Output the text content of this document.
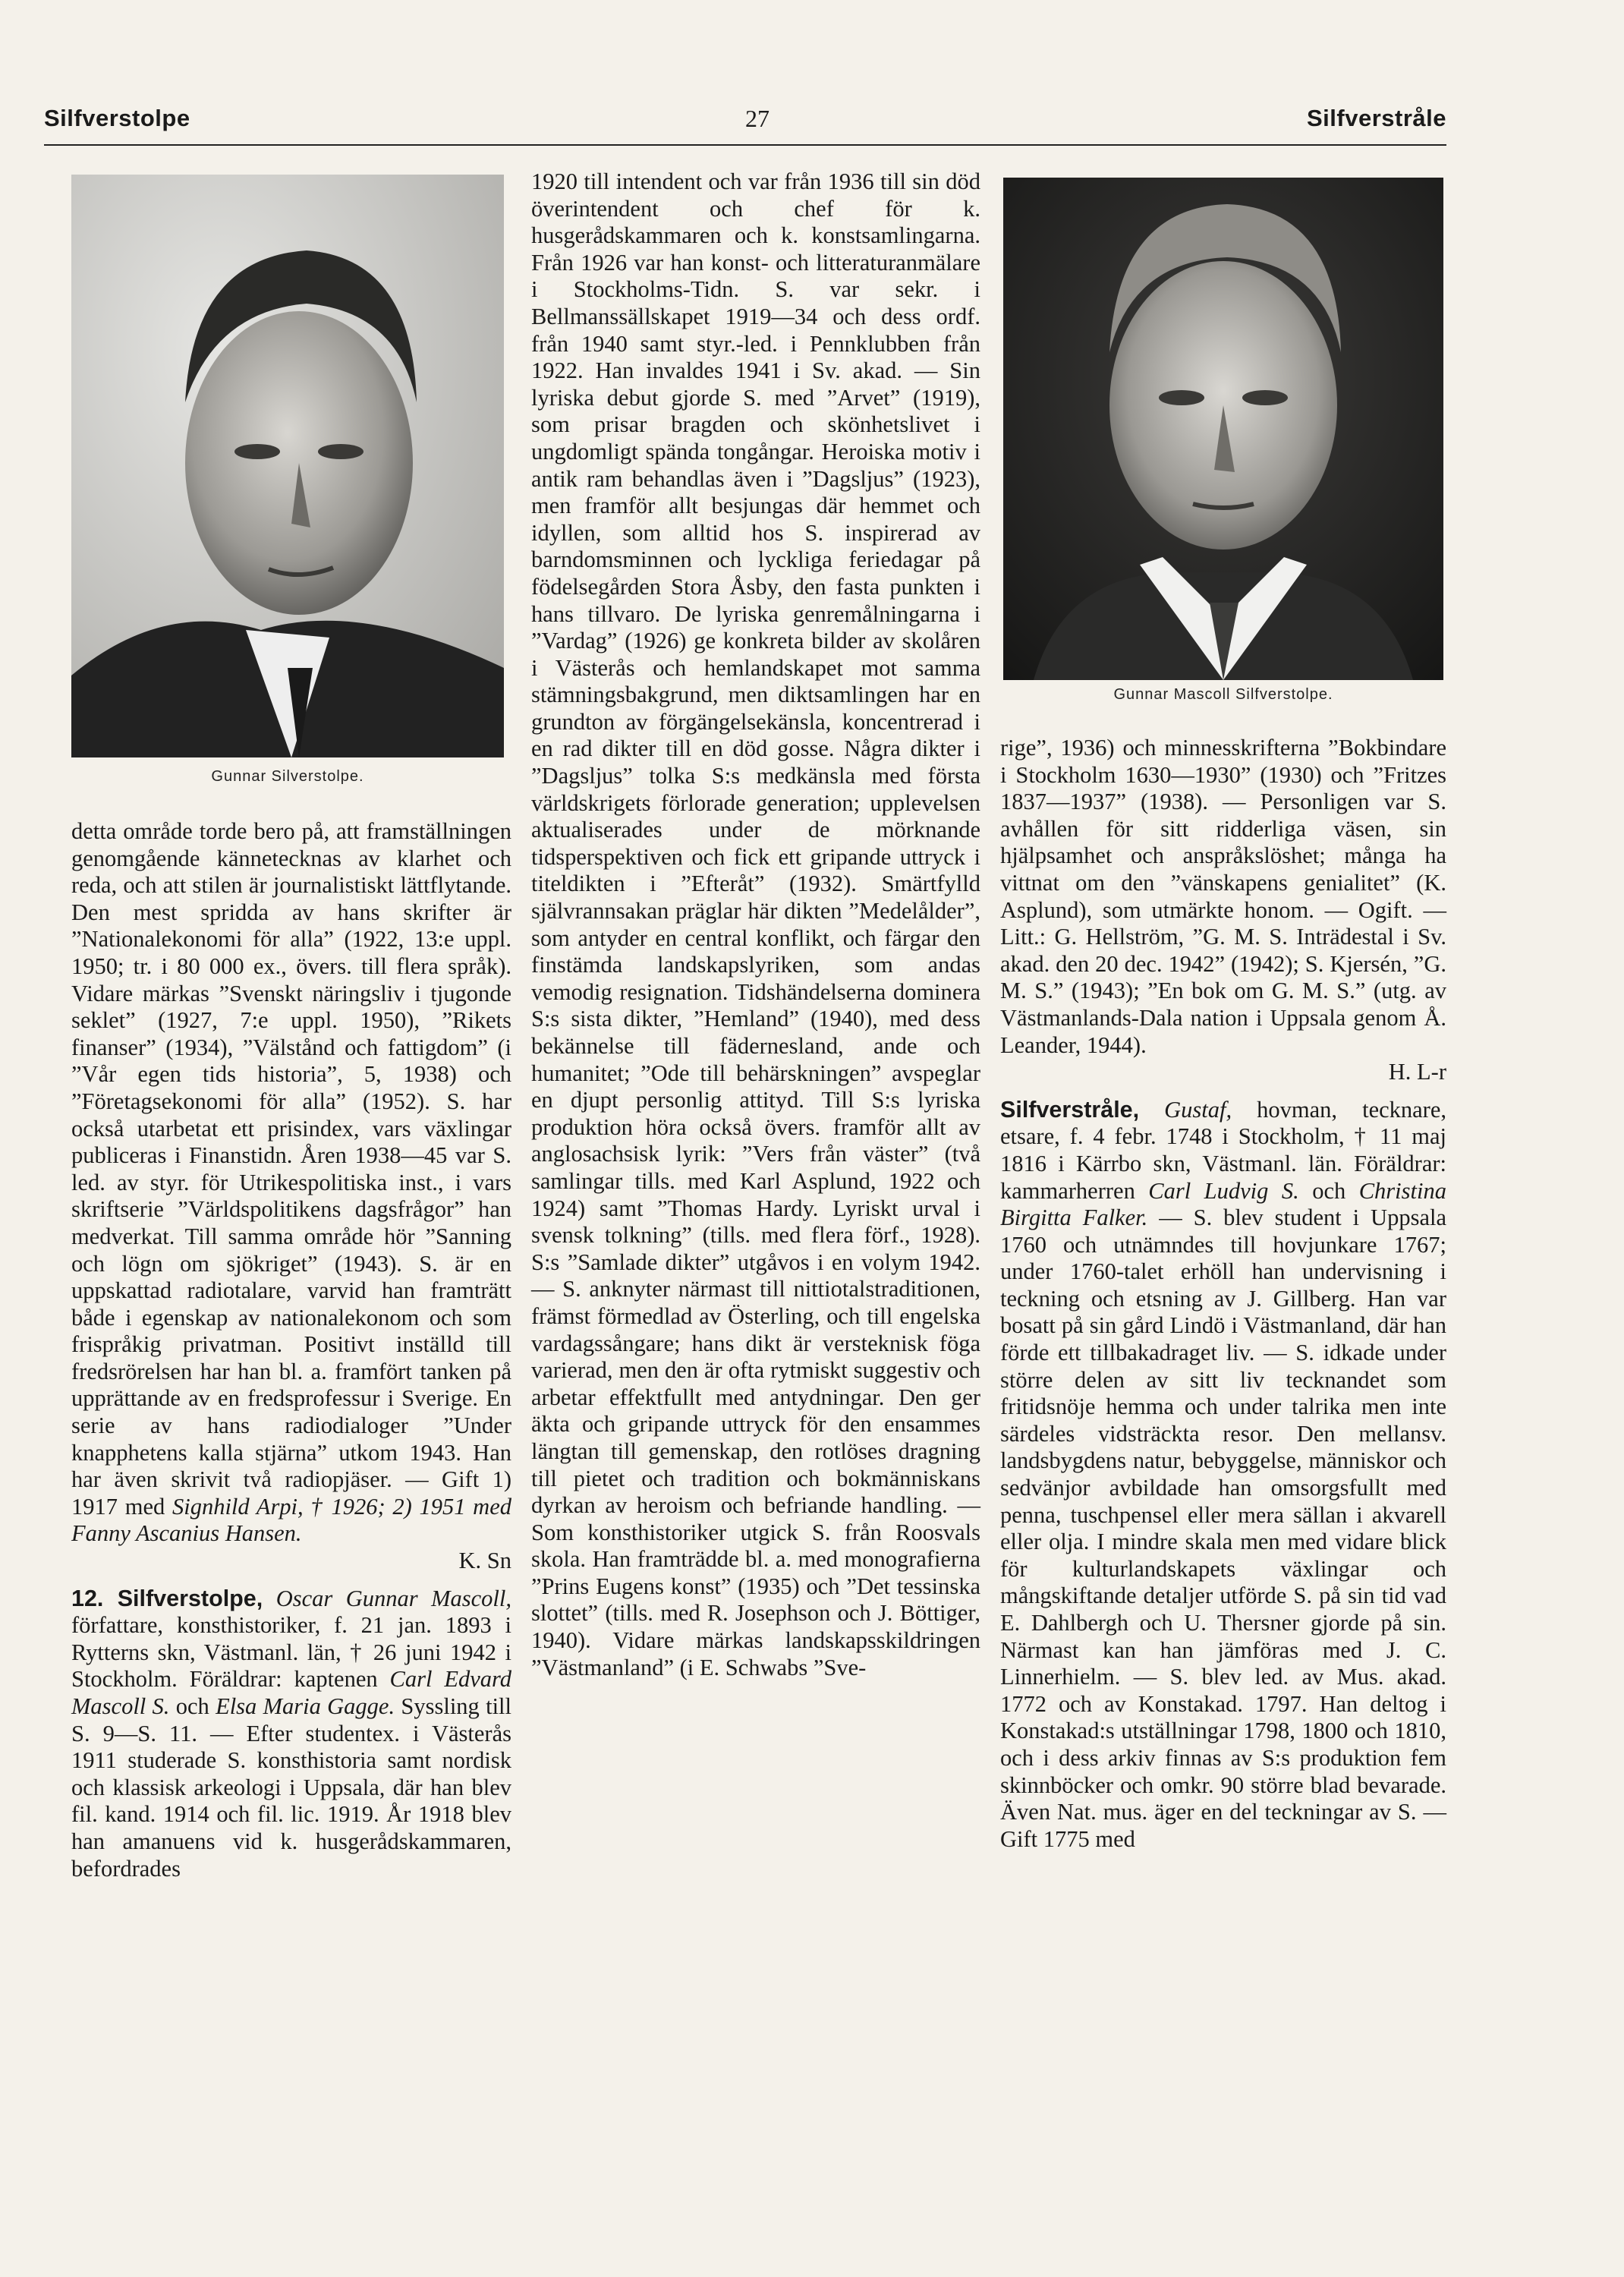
Silfverstolpe	27	Silfverstråle
Gunnar Silverstolpe.
Gunnar Mascoll Silfverstolpe.

detta område torde bero på, att framställningen genomgående kännetecknas av klarhet och reda, och att stilen är journalistiskt lättflytande. Den mest spridda av hans skrifter är ”Nationalekonomi för alla” (1922, 13:e uppl. 1950; tr. i 80 000 ex., övers. till flera språk). Vidare märkas ”Svenskt näringsliv i tjugonde seklet” (1927, 7:e uppl. 1950), ”Rikets finanser” (1934), ”Välstånd och fattigdom” (i ”Vår egen tids historia”, 5, 1938) och ”Företagsekonomi för alla” (1952). S. har också utarbetat ett prisindex, vars växlingar publiceras i Finanstidn. Åren 1938—45 var S. led. av styr. för Utrikespolitiska inst., i vars skriftserie ”Världspolitikens dagsfrågor” han medverkat. Till samma område hör ”Sanning och lögn om sjökriget” (1943). S. är en uppskattad radiotalare, varvid han framträtt både i egenskap av nationalekonom och som frispråkig privatman. Positivt inställd till fredsrörelsen har han bl. a. framfört tanken på upprättande av en fredsprofessur i Sverige. En serie av hans radiodialoger ”Under knapphetens kalla stjärna” utkom 1943. Han har även skrivit två radiopjäser. — Gift 1) 1917 med Signhild Arpi, † 1926; 2) 1951 med Fanny Ascanius Hansen.

K. Sn

12. Silfverstolpe, Oscar Gunnar Mascoll, författare, konsthistoriker, f. 21 jan. 1893 i Rytterns skn, Västmanl. län, † 26 juni 1942 i Stockholm. Föräldrar: kaptenen Carl Edvard Mascoll S. och Elsa Maria Gagge. Syssling till S. 9—S. 11. — Efter studentex. i Västerås 1911 studerade S. konsthistoria samt nordisk och klassisk arkeologi i Uppsala, där han blev fil. kand. 1914 och fil. lic. 1919. År 1918 blev han amanuens vid k. husgerådskammaren, befordrades

1920 till intendent och var från 1936 till sin död överintendent och chef för k. husgerådskammaren och k. konstsamlingarna. Från 1926 var han konst- och litteraturanmälare i Stockholms-Tidn. S. var sekr. i Bellmanssällskapet 1919—34 och dess ordf. från 1940 samt styr.-led. i Pennklubben från 1922. Han invaldes 1941 i Sv. akad. — Sin lyriska debut gjorde S. med ”Arvet” (1919), som prisar bragden och skönhetslivet i ungdomligt spända tongångar. Heroiska motiv i antik ram behandlas även i ”Dagsljus” (1923), men framför allt besjungas där hemmet och idyllen, som alltid hos S. inspirerad av barndomsminnen och lyckliga feriedagar på födelsegården Stora Åsby, den fasta punkten i hans tillvaro. De lyriska genremålningarna i ”Vardag” (1926) ge konkreta bilder av skolåren i Västerås och hemlandskapet mot samma stämningsbakgrund, men diktsamlingen har en grundton av förgängelsekänsla, koncentrerad i en rad dikter till en död gosse. Några dikter i ”Dagsljus” tolka S:s medkänsla med första världskrigets förlorade generation; upplevelsen aktualiserades under de mörknande tidsperspektiven och fick ett gripande uttryck i titeldikten i ”Efteråt” (1932). Smärtfylld självrannsakan präglar här dikten ”Medelålder”, som antyder en central konflikt, och färgar den finstämda landskapslyriken, som andas vemodig resignation. Tidshändelserna dominera S:s sista dikter, ”Hemland” (1940), med dess bekännelse till fädernesland, ande och humanitet; ”Ode till behärskningen” avspeglar en djupt personlig attityd. Till S:s lyriska produktion höra också övers. framför allt av anglosachsisk lyrik: ”Vers från väster” (två samlingar tills. med Karl Asplund, 1922 och 1924) samt ”Thomas Hardy. Lyriskt urval i svensk tolkning” (tills. med flera förf., 1928). S:s ”Samlade dikter” utgåvos i en volym 1942. — S. anknyter närmast till nittiotalstraditionen, främst förmedlad av Österling, och till engelska vardagssångare; hans dikt är versteknisk föga varierad, men den är ofta rytmiskt suggestiv och arbetar effektfullt med antydningar. Den ger äkta och gripande uttryck för den ensammes längtan till gemenskap, den rotlöses dragning till pietet och tradition och bokmänniskans dyrkan av heroism och befriande handling. — Som konsthistoriker utgick S. från Roosvals skola. Han framträdde bl. a. med monografierna ”Prins Eugens konst” (1935) och ”Det tessinska slottet” (tills. med R. Josephson och J. Böttiger, 1940). Vidare märkas landskapsskildringen ”Västmanland” (i E. Schwabs ”Sve-

rige”, 1936) och minnesskrifterna ”Bokbindare i Stockholm 1630—1930” (1930) och ”Fritzes 1837—1937” (1938). — Personligen var S. avhållen för sitt ridderliga väsen, sin hjälpsamhet och anspråkslöshet; många ha vittnat om den ”vänskapens genialitet” (K. Asplund), som utmärkte honom. — Ogift. — Litt.: G. Hellström, ”G. M. S. Inträdestal i Sv. akad. den 20 dec. 1942” (1942); S. Kjersén, ”G. M. S.” (1943); ”En bok om G. M. S.” (utg. av Västmanlands-Dala nation i Uppsala genom Å. Leander, 1944).

H. L-r

Silfverstråle, Gustaf, hovman, tecknare, etsare, f. 4 febr. 1748 i Stockholm, † 11 maj 1816 i Kärrbo skn, Västmanl. län. Föräldrar: kammarherren Carl Ludvig S. och Christina Birgitta Falker. — S. blev student i Uppsala 1760 och utnämndes till hovjunkare 1767; under 1760-talet erhöll han undervisning i teckning och etsning av J. Gillberg. Han var bosatt på sin gård Lindö i Västmanland, där han förde ett tillbakadraget liv. — S. idkade under större delen av sitt liv tecknandet som fritidsnöje hemma och under talrika men inte särdeles vidsträckta resor. Den mellansv. landsbygdens natur, bebyggelse, människor och sedvänjor avbildade han omsorgsfullt med penna, tuschpensel eller mera sällan i akvarell eller olja. I mindre skala men med vidare blick för kulturlandskapets växlingar och mångskiftande detaljer utförde S. på sin tid vad E. Dahlbergh och U. Thersner gjorde på sin. Närmast kan han jämföras med J. C. Linnerhielm. — S. blev led. av Mus. akad. 1772 och av Konstakad. 1797. Han deltog i Konstakad:s utställningar 1798, 1800 och 1810, och i dess arkiv finnas av S:s produktion fem skinnböcker och omkr. 90 större blad bevarade. Även Nat. mus. äger en del teckningar av S. — Gift 1775 med
